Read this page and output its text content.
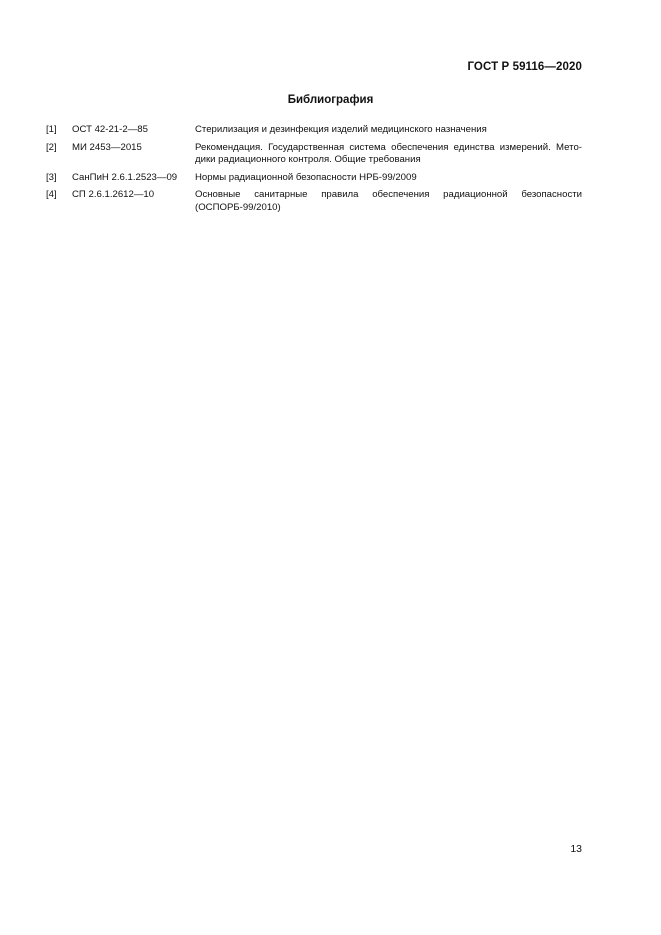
ГОСТ Р 59116—2020
Библиография
[1]	ОСТ 42-21-2—85	Стерилизация и дезинфекция изделий медицинского назначения
[2]	МИ 2453—2015	Рекомендация. Государственная система обеспечения единства измерений. Методики радиационного контроля. Общие требования
[3]	СанПиН 2.6.1.2523—09	Нормы радиационной безопасности НРБ-99/2009
[4]	СП 2.6.1.2612—10	Основные санитарные правила обеспечения радиационной безопасности (ОСПОРБ-99/2010)
13
